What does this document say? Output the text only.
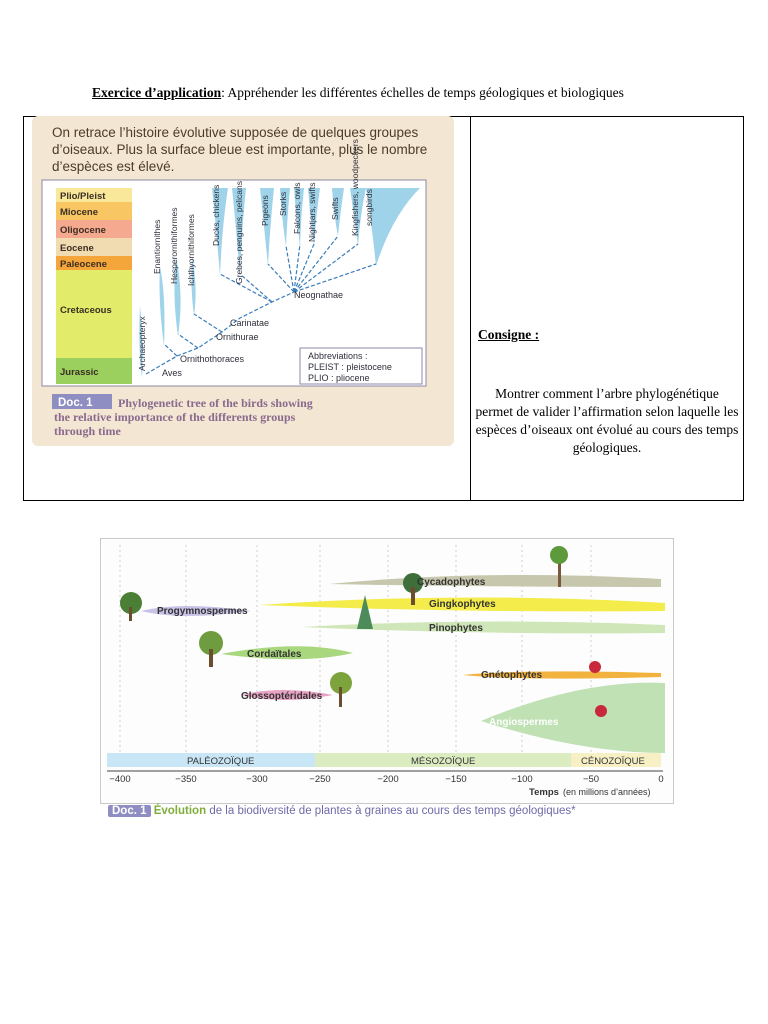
Exercice d’application: Appréhender les différentes échelles de temps géologiques et biologiques
Consigne :
Montrer comment l’arbre phylogénétique permet de valider l’affirmation selon laquelle les espèces d’oiseaux ont évolué au cours des temps géologiques.
On retrace l’histoire évolutive supposée de quelques groupes d’oiseaux. Plus la surface bleue est importante, plus le nombre d’espèces est élevé.
Plio/Pleist
Miocene
Oligocene
Eocene
Paleocene
Cretaceous
Jurassic
Neognathae
Carinatae
Ornithurae
Ornithothoraces
Aves
Archaeopteryx
Enantiornithes Hesperornithiformes Ichthyornithiformes Ducks, chickens Grebes, penguins, pelicans Pigeons Storks Falcons, owls Nightjars, swifts Swifts Kingfishers, woodpeckers songbirds
Abbreviations :
PLEIST : pleistocene
PLIO : pliocene
Doc. 1 Phylogenetic tree of the birds showing
the relative importance of the differents groups
through time
Cycadophytes
Gingkophytes
Progymnospermes
Pinophytes
Cordaïtales
Gnétophytes
Glossoptéridales
Angiospermes
PALÉOZOÏQUE	MÉSOZOÏQUE	CÉNOZOÏQUE
−400	−350	−300	−250	−200	−150	−100	−50	0
Temps (en millions d’années)
Doc. 1 Évolution de la biodiversité de plantes à graines au cours des temps géologiques*
